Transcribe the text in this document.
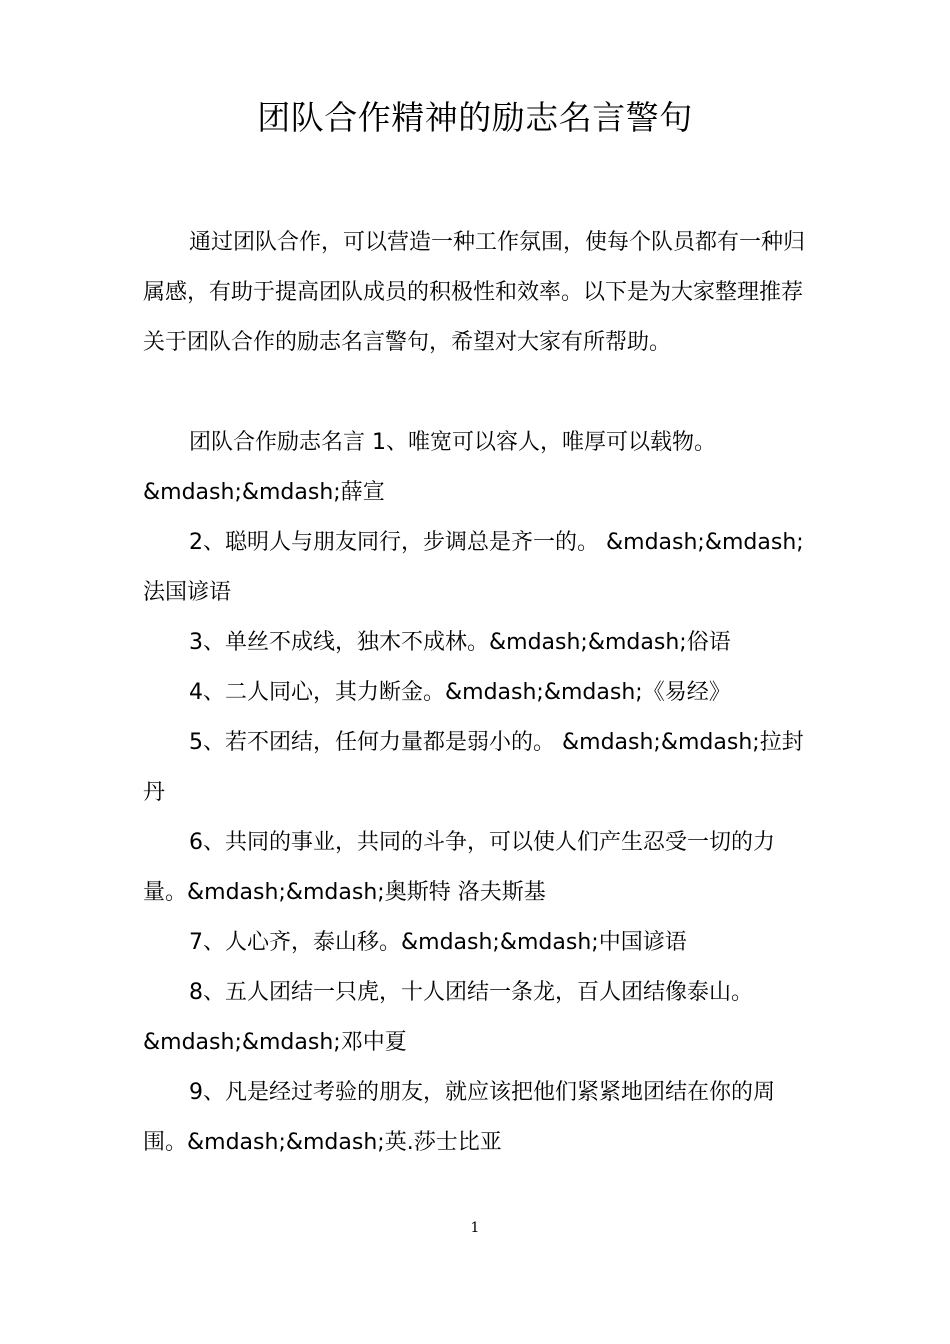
团队合作精神的励志名言警句

通过团队合作，可以营造一种工作氛围，使每个队员都有一种归属感，有助于提高团队成员的积极性和效率。以下是为大家整理推荐关于团队合作的励志名言警句，希望对大家有所帮助。

团队合作励志名言 1、唯宽可以容人，唯厚可以载物。&mdash;&mdash;薛宣

2、聪明人与朋友同行，步调总是齐一的。 &mdash;&mdash;法国谚语

3、单丝不成线，独木不成林。&mdash;&mdash;俗语

4、二人同心，其力断金。&mdash;&mdash;《易经》

5、若不团结，任何力量都是弱小的。 &mdash;&mdash;拉封丹

6、共同的事业，共同的斗争，可以使人们产生忍受一切的力量。&mdash;&mdash;奥斯特 洛夫斯基

7、人心齐，泰山移。&mdash;&mdash;中国谚语

8、五人团结一只虎，十人团结一条龙，百人团结像泰山。&mdash;&mdash;邓中夏

9、凡是经过考验的朋友，就应该把他们紧紧地团结在你的周围。&mdash;&mdash;英.莎士比亚

1
